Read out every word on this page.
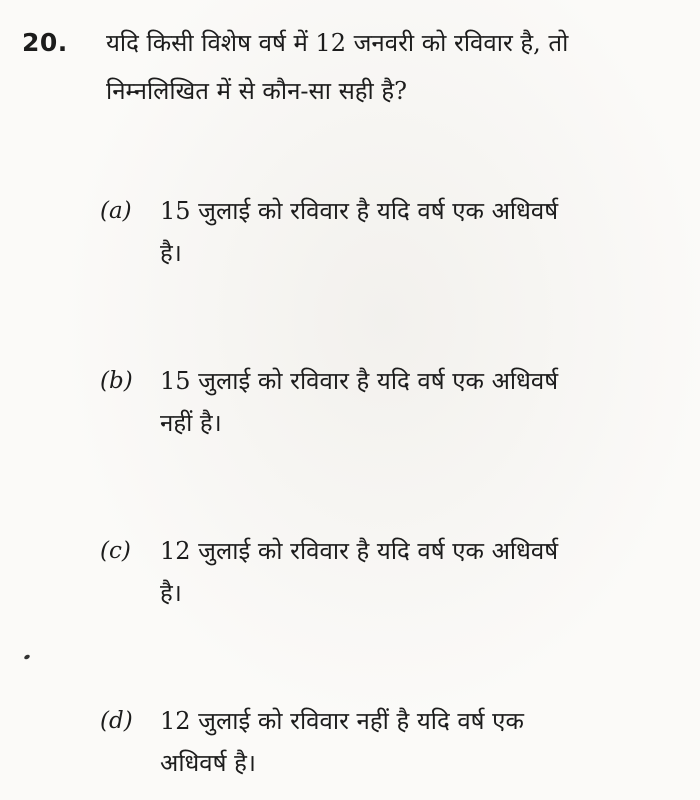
20. यदि किसी विशेष वर्ष में 12 जनवरी को रविवार है, तो
निम्नलिखित में से कौन-सा सही है?
(a) 15 जुलाई को रविवार है यदि वर्ष एक अधिवर्ष
है।
(b) 15 जुलाई को रविवार है यदि वर्ष एक अधिवर्ष
नहीं है।
(c) 12 जुलाई को रविवार है यदि वर्ष एक अधिवर्ष
है।
(d) 12 जुलाई को रविवार नहीं है यदि वर्ष एक
अधिवर्ष है।
